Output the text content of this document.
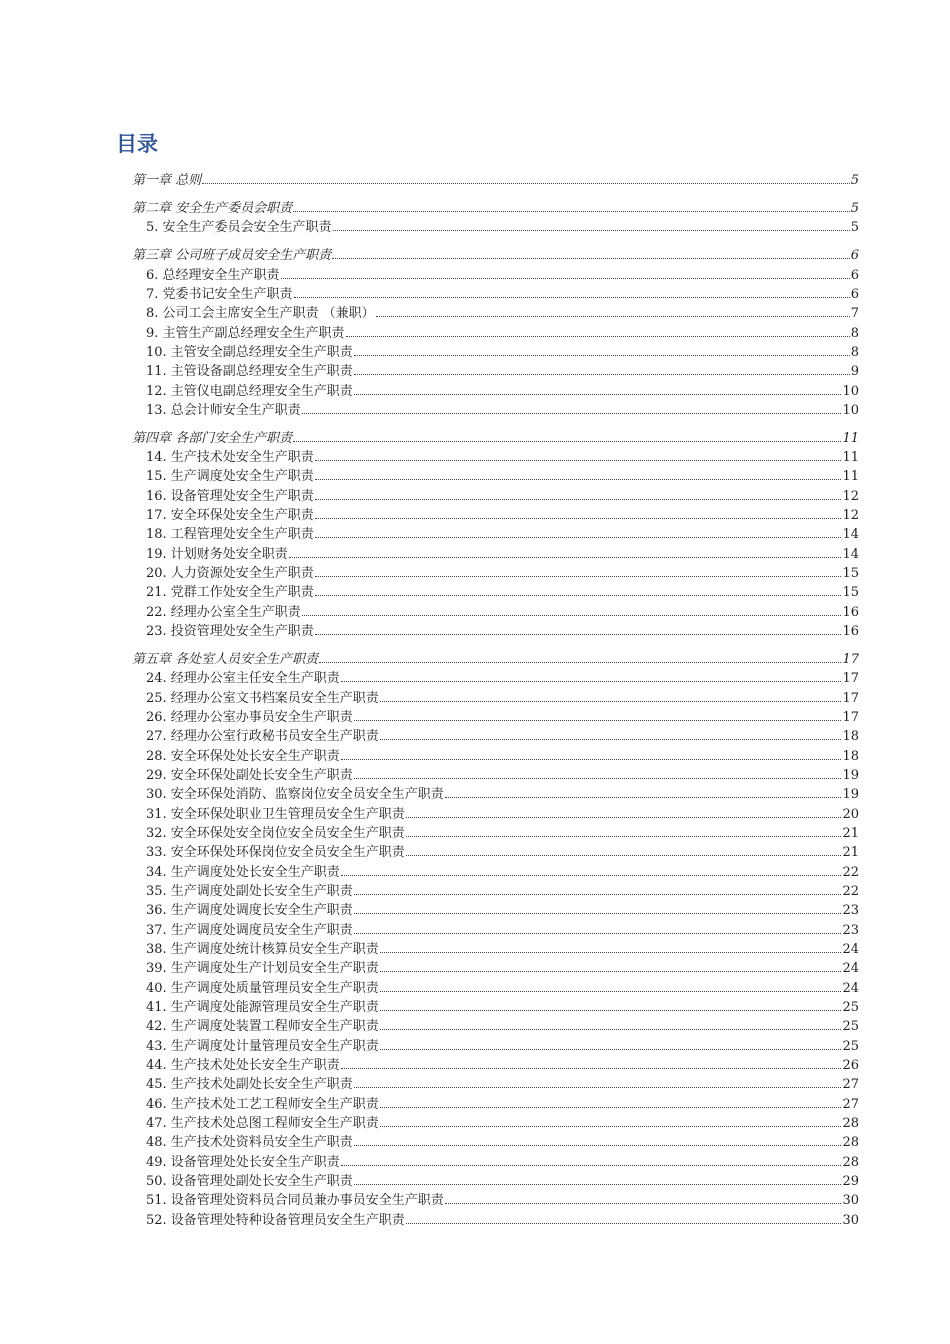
目录
第一章 总则	5
第二章 安全生产委员会职责	5
5. 安全生产委员会安全生产职责	5
第三章 公司班子成员安全生产职责	6
6. 总经理安全生产职责	6
7. 党委书记安全生产职责	6
8. 公司工会主席安全生产职责 （兼职）	7
9. 主管生产副总经理安全生产职责	8
10. 主管安全副总经理安全生产职责	8
11. 主管设备副总经理安全生产职责	9
12. 主管仪电副总经理安全生产职责	10
13. 总会计师安全生产职责	10
第四章 各部门安全生产职责	11
14. 生产技术处安全生产职责	11
15. 生产调度处安全生产职责	11
16. 设备管理处安全生产职责	12
17. 安全环保处安全生产职责	12
18. 工程管理处安全生产职责	14
19. 计划财务处安全职责	14
20. 人力资源处安全生产职责	15
21. 党群工作处安全生产职责	15
22. 经理办公室全生产职责	16
23. 投资管理处安全生产职责	16
第五章 各处室人员安全生产职责	17
24. 经理办公室主任安全生产职责	17
25. 经理办公室文书档案员安全生产职责	17
26. 经理办公室办事员安全生产职责	17
27. 经理办公室行政秘书员安全生产职责	18
28. 安全环保处处长安全生产职责	18
29. 安全环保处副处长安全生产职责	19
30. 安全环保处消防、监察岗位安全员安全生产职责	19
31. 安全环保处职业卫生管理员安全生产职责	20
32. 安全环保处安全岗位安全员安全生产职责	21
33. 安全环保处环保岗位安全员安全生产职责	21
34. 生产调度处处长安全生产职责	22
35. 生产调度处副处长安全生产职责	22
36. 生产调度处调度长安全生产职责	23
37. 生产调度处调度员安全生产职责	23
38. 生产调度处统计核算员安全生产职责	24
39. 生产调度处生产计划员安全生产职责	24
40. 生产调度处质量管理员安全生产职责	24
41. 生产调度处能源管理员安全生产职责	25
42. 生产调度处装置工程师安全生产职责	25
43. 生产调度处计量管理员安全生产职责	25
44. 生产技术处处长安全生产职责	26
45. 生产技术处副处长安全生产职责	27
46. 生产技术处工艺工程师安全生产职责	27
47. 生产技术处总图工程师安全生产职责	28
48. 生产技术处资料员安全生产职责	28
49. 设备管理处处长安全生产职责	28
50. 设备管理处副处长安全生产职责	29
51. 设备管理处资料员合同员兼办事员安全生产职责	30
52. 设备管理处特种设备管理员安全生产职责	30
